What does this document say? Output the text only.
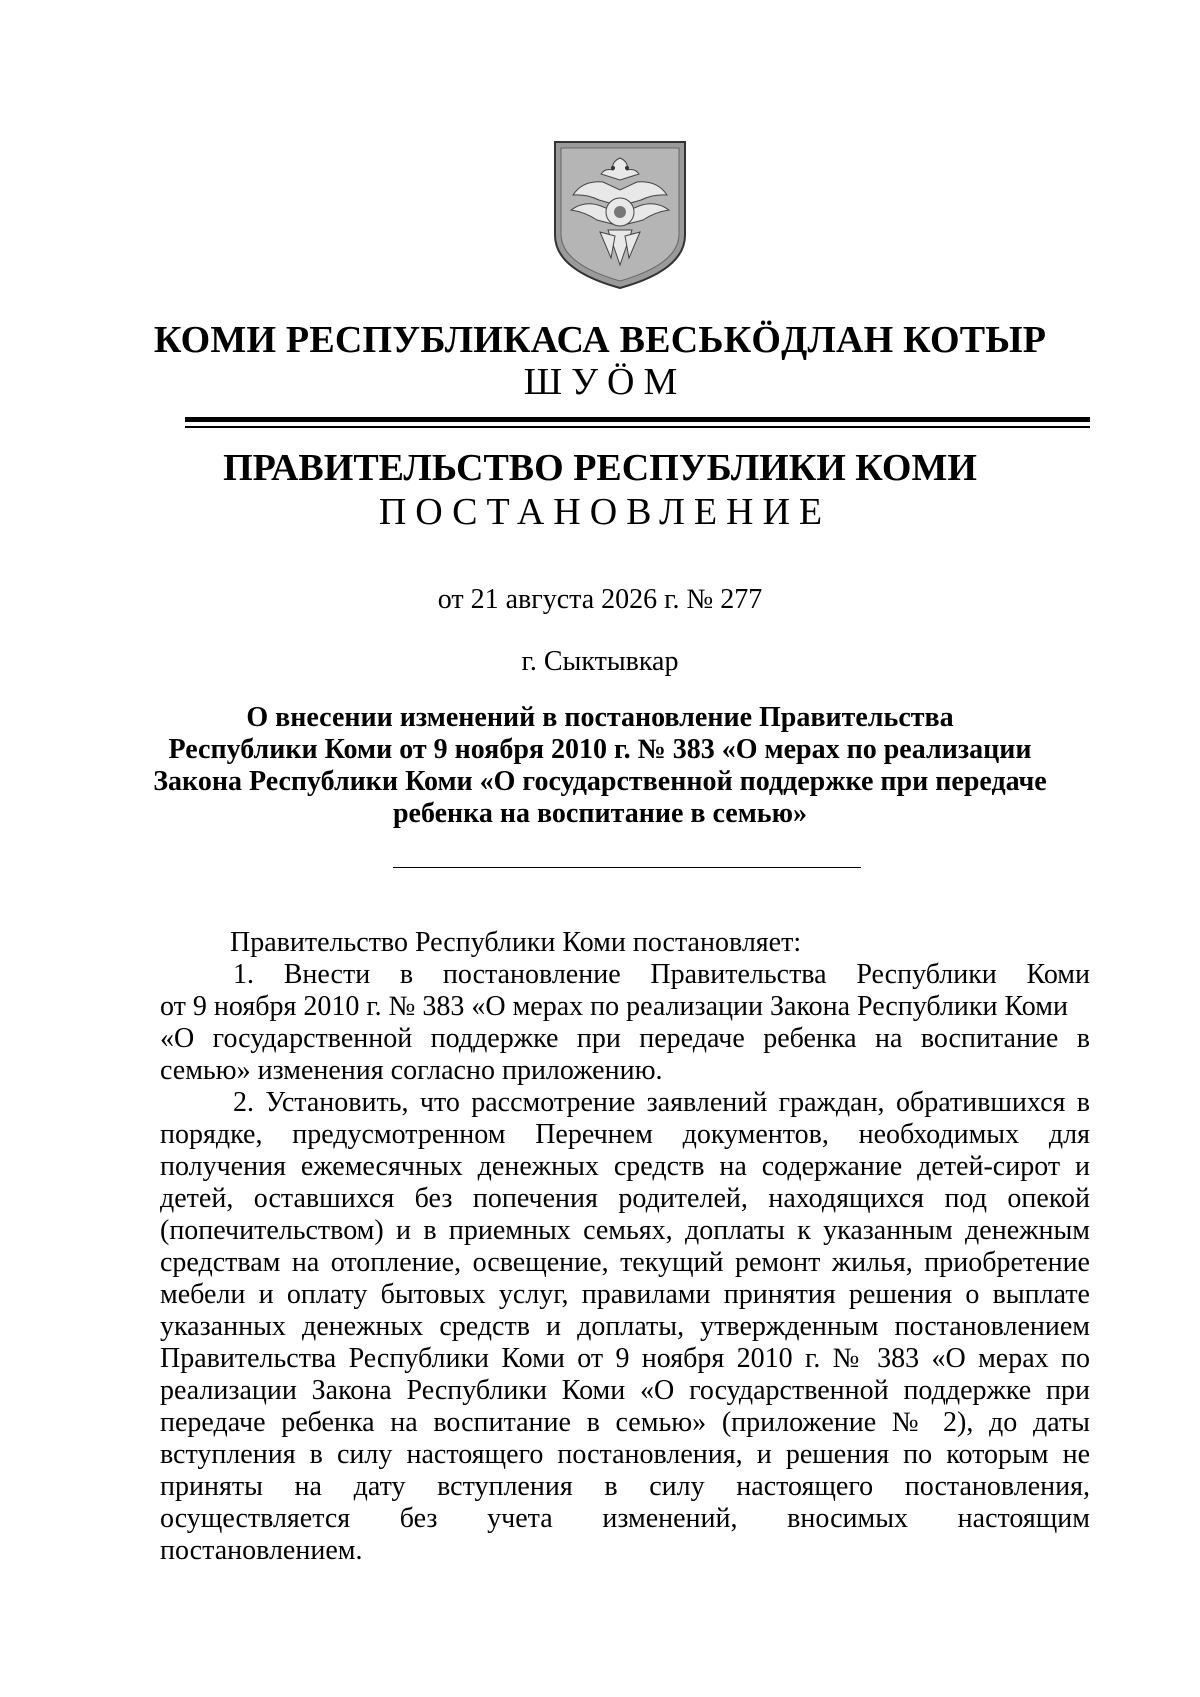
КОМИ РЕСПУБЛИКАСА ВЕСЬКӦДЛАН КОТЫР
ШУӦМ
ПРАВИТЕЛЬСТВО РЕСПУБЛИКИ КОМИ
ПОСТАНОВЛЕНИЕ
от 21 августа 2026 г. № 277
г. Сыктывкар
О внесении изменений в постановление Правительства
Республики Коми от 9 ноября 2010 г. № 383 «О мерах по реализации
Закона Республики Коми «О государственной поддержке при передаче
ребенка на воспитание в семью»
Правительство Республики Коми постановляет:
1. Внести в постановление Правительства Республики Коми
от 9 ноября 2010 г. № 383 «О мерах по реализации Закона Республики Коми
«О государственной поддержке при передаче ребенка на воспитание в
семью» изменения согласно приложению.
2. Установить, что рассмотрение заявлений граждан, обратившихся в
порядке, предусмотренном Перечнем документов, необходимых для
получения ежемесячных денежных средств на содержание детей-сирот и
детей, оставшихся без попечения родителей, находящихся под опекой
(попечительством) и в приемных семьях, доплаты к указанным денежным
средствам на отопление, освещение, текущий ремонт жилья, приобретение
мебели и оплату бытовых услуг, правилами принятия решения о выплате
указанных денежных средств и доплаты, утвержденным постановлением
Правительства Республики Коми от 9 ноября 2010 г. № 383 «О мерах по
реализации Закона Республики Коми «О государственной поддержке при
передаче ребенка на воспитание в семью» (приложение № 2), до даты
вступления в силу настоящего постановления, и решения по которым не
приняты на дату вступления в силу настоящего постановления,
осуществляется без учета изменений, вносимых настоящим
постановлением.
